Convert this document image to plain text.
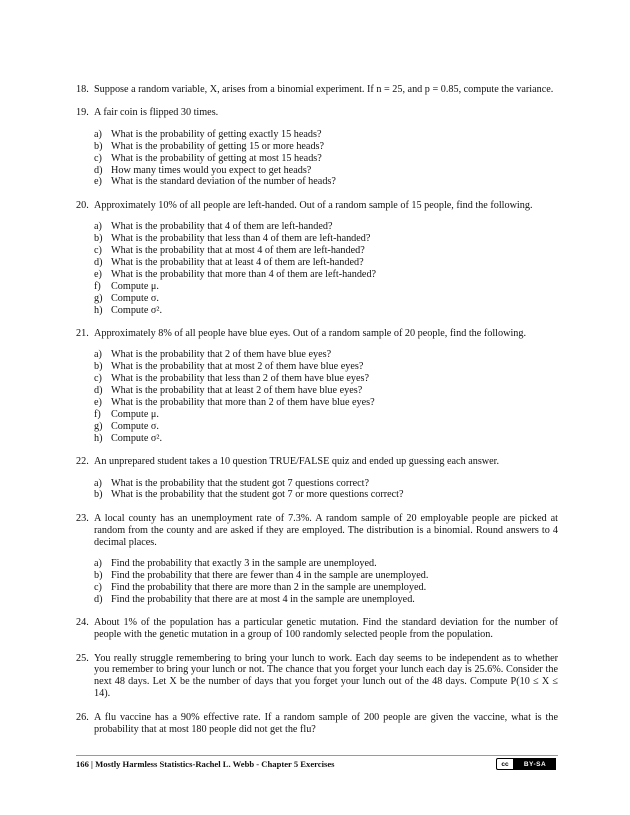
18. Suppose a random variable, X, arises from a binomial experiment. If n = 25, and p = 0.85, compute the variance.
19. A fair coin is flipped 30 times.
a) What is the probability of getting exactly 15 heads?
b) What is the probability of getting 15 or more heads?
c) What is the probability of getting at most 15 heads?
d) How many times would you expect to get heads?
e) What is the standard deviation of the number of heads?
20. Approximately 10% of all people are left-handed. Out of a random sample of 15 people, find the following.
a) What is the probability that 4 of them are left-handed?
b) What is the probability that less than 4 of them are left-handed?
c) What is the probability that at most 4 of them are left-handed?
d) What is the probability that at least 4 of them are left-handed?
e) What is the probability that more than 4 of them are left-handed?
f)	Compute μ.
g) Compute σ.
h) Compute σ².
21. Approximately 8% of all people have blue eyes. Out of a random sample of 20 people, find the following.
a) What is the probability that 2 of them have blue eyes?
b) What is the probability that at most 2 of them have blue eyes?
c) What is the probability that less than 2 of them have blue eyes?
d) What is the probability that at least 2 of them have blue eyes?
e) What is the probability that more than 2 of them have blue eyes?
f)	Compute μ.
g) Compute σ.
h) Compute σ².
22. An unprepared student takes a 10 question TRUE/FALSE quiz and ended up guessing each answer.
a) What is the probability that the student got 7 questions correct?
b) What is the probability that the student got 7 or more questions correct?
23. A local county has an unemployment rate of 7.3%. A random sample of 20 employable people are picked at random from the county and are asked if they are employed. The distribution is a binomial. Round answers to 4 decimal places.
a) Find the probability that exactly 3 in the sample are unemployed.
b) Find the probability that there are fewer than 4 in the sample are unemployed.
c) Find the probability that there are more than 2 in the sample are unemployed.
d) Find the probability that there are at most 4 in the sample are unemployed.
24. About 1% of the population has a particular genetic mutation. Find the standard deviation for the number of people with the genetic mutation in a group of 100 randomly selected people from the population.
25. You really struggle remembering to bring your lunch to work. Each day seems to be independent as to whether you remember to bring your lunch or not. The chance that you forget your lunch each day is 25.6%. Consider the next 48 days. Let X be the number of days that you forget your lunch out of the 48 days. Compute P(10 ≤ X ≤ 14).
26. A flu vaccine has a 90% effective rate. If a random sample of 200 people are given the vaccine, what is the probability that at most 180 people did not get the flu?
166 | Mostly Harmless Statistics-Rachel L. Webb - Chapter 5 Exercises	cc	BY-SA
